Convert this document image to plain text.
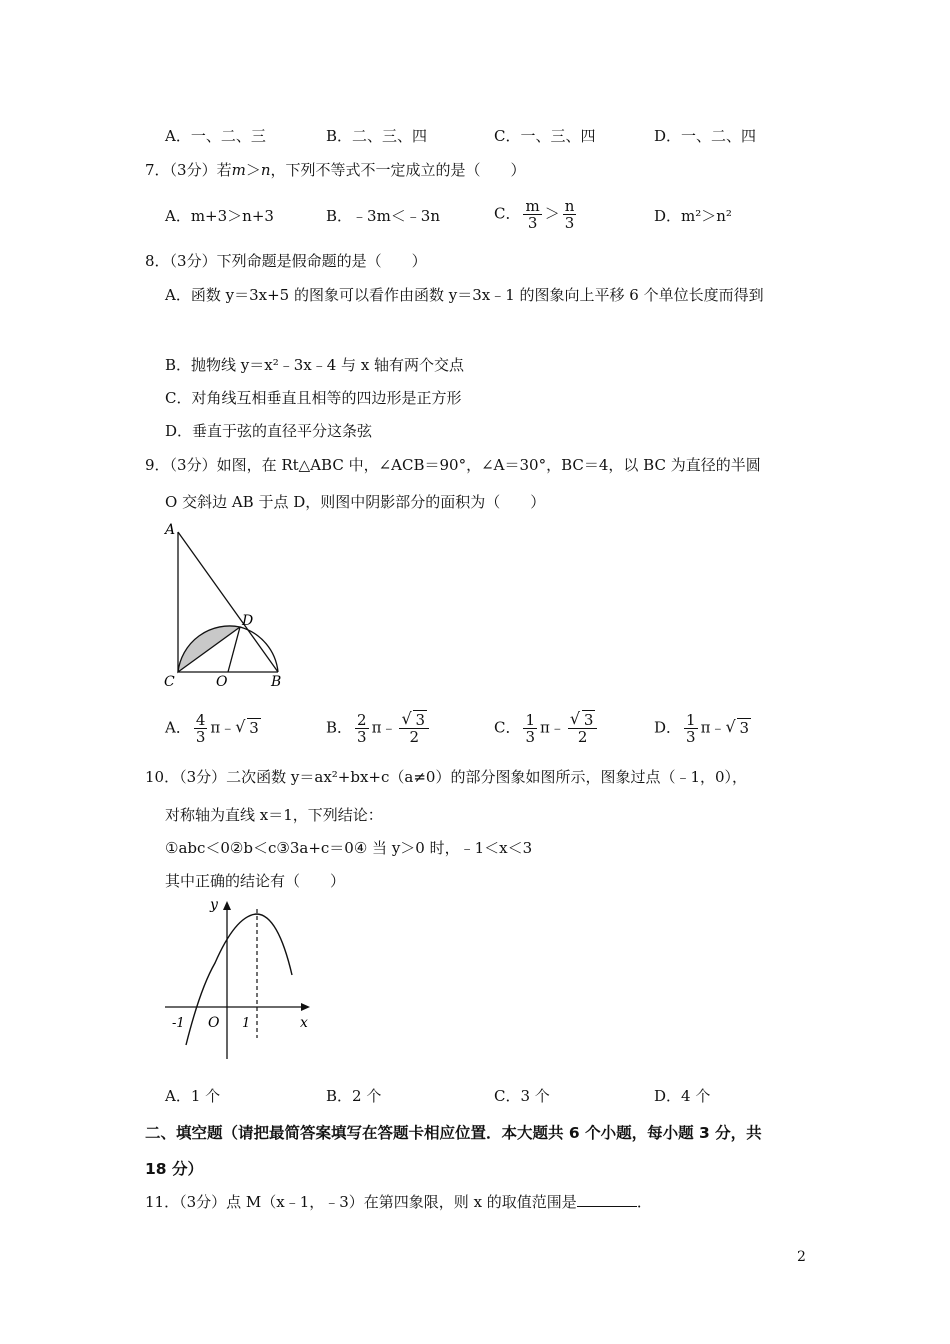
A．一、二、三	B．二、三、四	C．一、三、四	D．一、二、四
7．（3分）若m＞n，下列不等式不一定成立的是（　　）
A．m+3＞n+3	B．﹣3m＜﹣3n	C． $\frac{m}{3} > \frac{n}{3}$	D．m²＞n²
8．（3分）下列命题是假命题的是（　　）
A．函数 y＝3x+5 的图象可以看作由函数 y＝3x﹣1 的图象向上平移 6 个单位长度而得到
B．抛物线 y＝x²﹣3x﹣4 与 x 轴有两个交点
C．对角线互相垂直且相等的四边形是正方形
D．垂直于弦的直径平分这条弦
9．（3分）如图，在 Rt△ABC 中，∠ACB＝90°，∠A＝30°，BC＝4，以 BC 为直径的半圆
O 交斜边 AB 于点 D，则图中阴影部分的面积为（　　）
A
C	O	B
D
A． $\frac{4}{3}$ π﹣ √ 3	B． $\frac{2}{3}$ π﹣ √ $\frac{3}{2}$	C． $\frac{1}{3}$ π﹣ √ $\frac{3}{2}$	D． $\frac{1}{3}$ π﹣ √ 3
10．（3分）二次函数 y＝ax²+bx+c（a≠0）的部分图象如图所示，图象过点（﹣1，0），
对称轴为直线 x＝1，下列结论：
①abc＜0②b＜c③3a+c＝0④ 当 y＞0 时，﹣1＜x＜3
其中正确的结论有（　　）
y
x
-1 O 1
A．1 个	B．2 个	C．3 个	D．4 个
二、填空题（请把最简答案填写在答题卡相应位置．本大题共 6 个小题，每小题 3 分，共
18 分）
11．（3分）点 M（x﹣1，﹣3）在第四象限，则 x 的取值范围是	．
2
